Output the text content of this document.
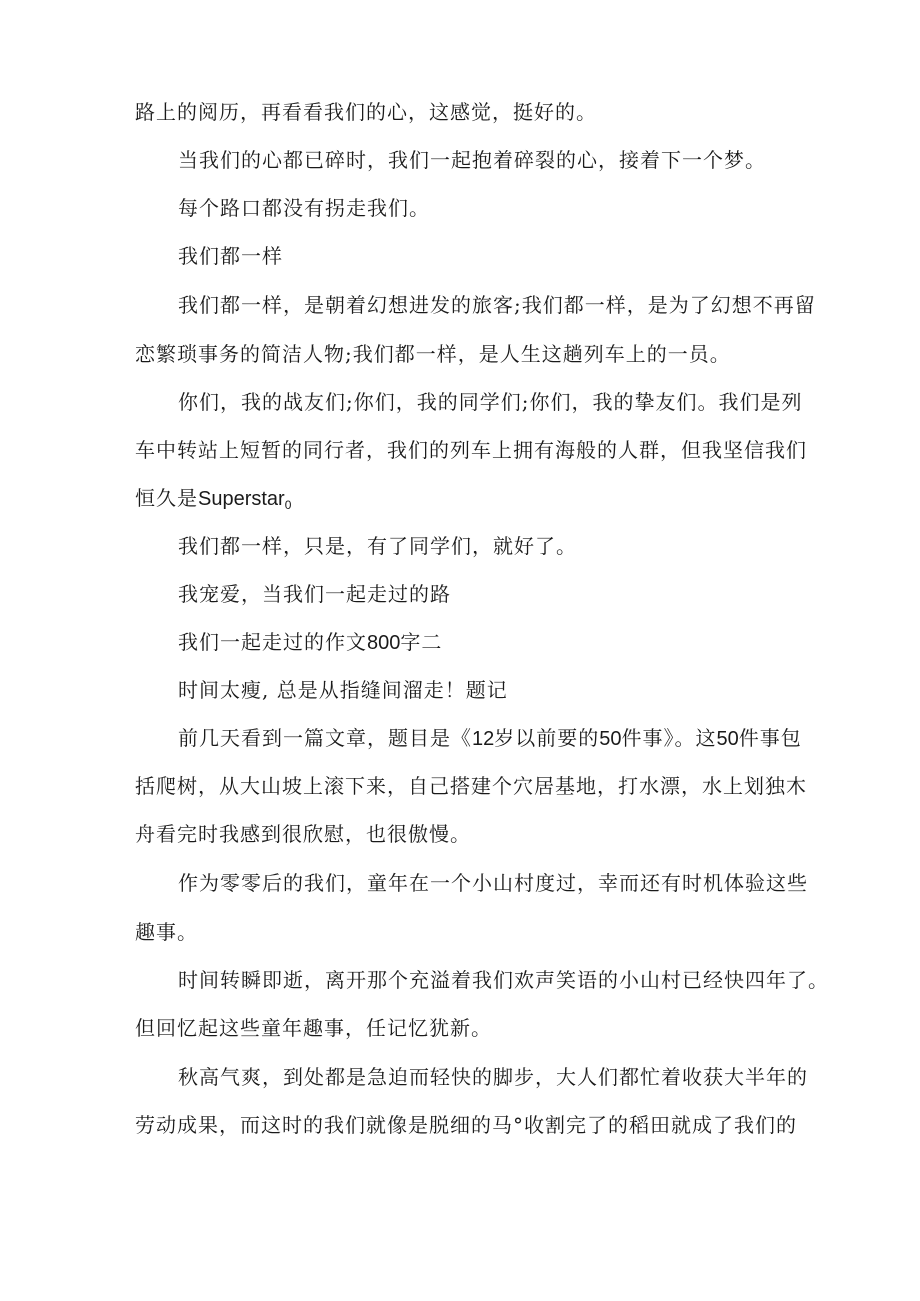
路上的阅历，再看看我们的心，这感觉，挺好的。
当我们的心都已碎时，我们一起抱着碎裂的心，接着下一个梦。
每个路口都没有拐走我们。
我们都一样
我们都一样，是朝着幻想进发的旅客;我们都一样，是为了幻想不再留
恋繁琐事务的简洁人物;我们都一样，是人生这趟列车上的一员。
你们，我的战友们;你们，我的同学们;你们，我的挚友们。我们是列
车中转站上短暂的同行者，我们的列车上拥有海般的人群，但我坚信我们
恒久是Superstar$_0$
我们都一样，只是，有了同学们，就好了。
我宠爱，当我们一起走过的路
我们一起走过的作文800字二
时间太瘦, 总是从指缝间溜走！题记
前几天看到一篇文章，题目是《12岁以前要的50件事》。这50件事包
括爬树，从大山坡上滚下来，自己搭建个穴居基地，打水漂，水上划独木
舟看完时我感到很欣慰，也很傲慢。
作为零零后的我们，童年在一个小山村度过，幸而还有时机体验这些
趣事。
时间转瞬即逝，离开那个充溢着我们欢声笑语的小山村已经快四年了。
但回忆起这些童年趣事，任记忆犹新。
秋高气爽，到处都是急迫而轻快的脚步，大人们都忙着收获大半年的
劳动成果，而这时的我们就像是脱细的马°收割完了的稻田就成了我们的
